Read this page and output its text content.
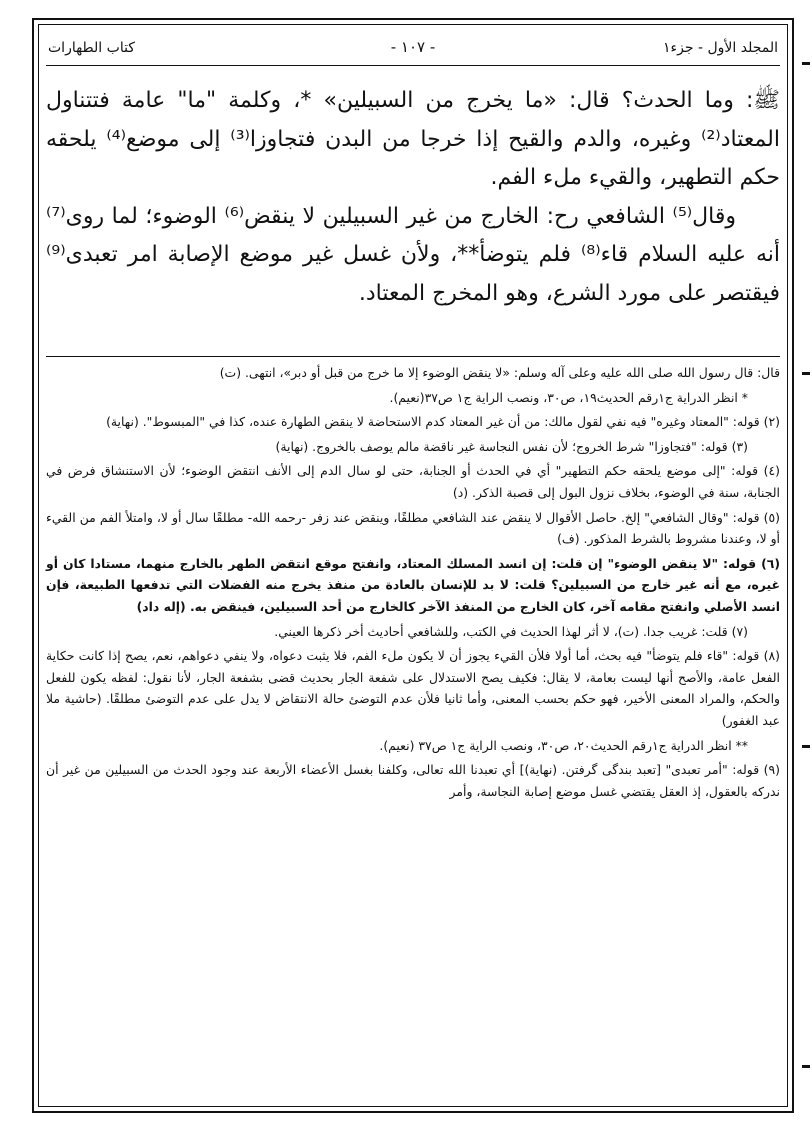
المجلد الأول - جزء١
- ١٠٧ -
كتاب الطهارات

ﷺ: وما الحدث؟ قال: «ما يخرج من السبيلين» *، وكلمة "ما" عامة فتتناول المعتاد⁽²⁾ وغيره، والدم والقيح إذا خرجا من البدن فتجاوزا⁽³⁾ إلى موضع⁽⁴⁾ يلحقه حكم التطهير، والقيء ملء الفم.

وقال⁽⁵⁾ الشافعي رح: الخارج من غير السبيلين لا ينقض⁽⁶⁾ الوضوء؛ لما روى⁽⁷⁾ أنه عليه السلام قاء⁽⁸⁾ فلم يتوضأ**، ولأن غسل غير موضع الإصابة امر تعبدى⁽⁹⁾ فيقتصر على مورد الشرع، وهو المخرج المعتاد.

قال: قال رسول الله صلى الله عليه وعلى آله وسلم: «لا ينقض الوضوء إلا ما خرج من قبل أو دبر»، انتهى. (ت)

* انظر الدراية ج١رقم الحديث١٩، ص٣٠، ونصب الراية ج١ ص٣٧(نعيم).

(٢) قوله: "المعتاد وغيره" فيه نفي لقول مالك: من أن غير المعتاد كدم الاستحاضة لا ينقض الطهارة عنده، كذا في "المبسوط". (نهاية)

(٣) قوله: "فتجاوزا" شرط الخروج؛ لأن نفس النجاسة غير ناقضة مالم يوصف بالخروج. (نهاية)

(٤) قوله: "إلى موضع يلحقه حكم التطهير" أي في الحدث أو الجنابة، حتى لو سال الدم إلى الأنف انتقض الوضوء؛ لأن الاستنشاق فرض في الجنابة، سنة في الوضوء، بخلاف نزول البول إلى قصبة الذكر. (د)

(٥) قوله: "وقال الشافعي" إلخ. حاصل الأقوال لا ينقض عند الشافعي مطلقًا، وينقض عند زفر -رحمه الله- مطلقًا سال أو لا، وامتلأ الفم من القيء أو لا، وعندنا مشروط بالشرط المذكور. (ف)

(٦) قوله: "لا ينقض الوضوء" إن قلت: إن انسد المسلك المعتاد، وانفتح موقع انتقض الطهر بالخارج منهما، مستادا كان أو غيره، مع أنه غير خارج من السبيلين؟ قلت: لا بد للإنسان بالعادة من منفذ يخرج منه الفضلات التي تدفعها الطبيعة، فإن انسد الأصلي وانفتح مقامه آخر، كان الخارج من المنفذ الآخر كالخارج من أحد السبيلين، فينقض به. (إله داد)

(٧) قلت: غريب جدا. (ت)، لا أثر لهذا الحديث في الكتب، وللشافعي أحاديث أخر ذكرها العيني.

(٨) قوله: "قاء فلم يتوضأ" فيه بحث، أما أولا فلأن القيء يجوز أن لا يكون ملء الفم، فلا يثبت دعواه، ولا ينفي دعواهم، نعم، يصح إذا كانت حكاية الفعل عامة، والأصح أنها ليست بعامة، لا يقال: فكيف يصح الاستدلال على شفعة الجار بحديث قضى بشفعة الجار، لأنا نقول: لفظه يكون للفعل والحكم، والمراد المعنى الأخير، فهو حكم بحسب المعنى، وأما ثانيا فلأن عدم التوضئ حالة الانتقاض لا يدل على عدم التوضئ مطلقًا. (حاشية ملا عبد الغفور)

** انظر الدراية ج١رقم الحديث٢٠، ص٣٠، ونصب الراية ج١ ص٣٧ (نعيم).

(٩) قوله: "أمر تعبدى" [تعبد بندگى گرفتن. (نهاية)] أي تعبدنا الله تعالى، وكلفنا بغسل الأعضاء الأربعة عند وجود الحدث من السبيلين من غير أن ندركه بالعقول، إذ العقل يقتضي غسل موضع إصابة النجاسة، وأمر
